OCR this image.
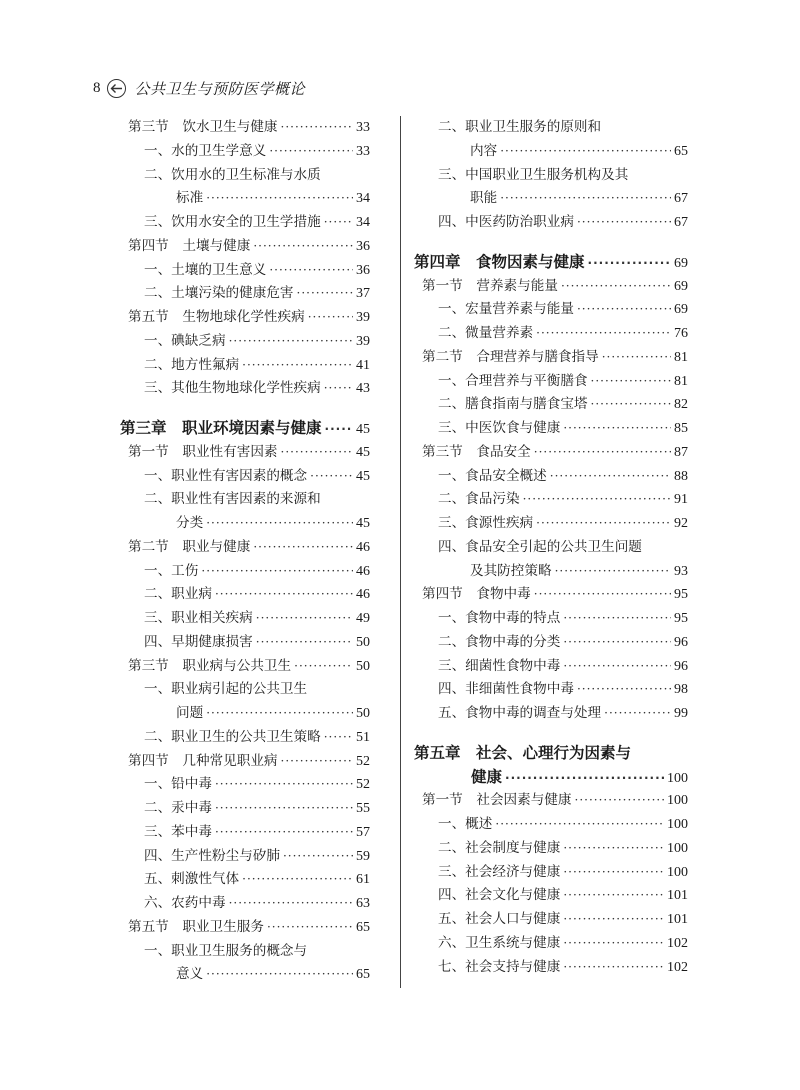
8 公共卫生与预防医学概论
第三节　饮水卫生与健康 ·····	33
一、水的卫生学意义 ·····	33
二、饮用水的卫生标准与水质
标准 ·····	34
三、饮用水安全的卫生学措施 ·····	34
第四节　土壤与健康 ·····	36
一、土壤的卫生意义 ·····	36
二、土壤污染的健康危害 ·····	37
第五节　生物地球化学性疾病 ·····	39
一、碘缺乏病 ·····	39
二、地方性氟病 ·····	41
三、其他生物地球化学性疾病 ·····	43
第三章　职业环境因素与健康 ····· 45
第一节　职业性有害因素 ·····	45
一、职业性有害因素的概念 ·····	45
二、职业性有害因素的来源和
分类 ·····	45
第二节　职业与健康 ·····	46
一、工伤 ·····	46
二、职业病 ·····	46
三、职业相关疾病 ·····	49
四、早期健康损害 ·····	50
第三节　职业病与公共卫生 ·····	50
一、职业病引起的公共卫生
问题 ·····	50
二、职业卫生的公共卫生策略 ·····	51
第四节　几种常见职业病 ·····	52
一、铅中毒 ·····	52
二、汞中毒 ·····	55
三、苯中毒 ·····	57
四、生产性粉尘与矽肺 ·····	59
五、刺激性气体 ·····	61
六、农药中毒 ·····	63
第五节　职业卫生服务 ·····	65
一、职业卫生服务的概念与
意义 ·····	65
二、职业卫生服务的原则和
内容 ·····	65
三、中国职业卫生服务机构及其
职能 ·····	67
四、中医药防治职业病 ·····	67
第四章　食物因素与健康 ·····	69
第一节　营养素与能量 ·····	69
一、宏量营养素与能量 ·····	69
二、微量营养素 ·····	76
第二节　合理营养与膳食指导 ·····	81
一、合理营养与平衡膳食 ·····	81
二、膳食指南与膳食宝塔 ·····	82
三、中医饮食与健康 ·····	85
第三节　食品安全 ·····	87
一、食品安全概述 ·····	88
二、食品污染 ·····	91
三、食源性疾病 ·····	92
四、食品安全引起的公共卫生问题
及其防控策略 ·····	93
第四节　食物中毒 ·····	95
一、食物中毒的特点 ·····	95
二、食物中毒的分类 ·····	96
三、细菌性食物中毒 ·····	96
四、非细菌性食物中毒 ·····	98
五、食物中毒的调查与处理 ·····	99
第五章　社会、心理行为因素与
健康 ·····	100
第一节　社会因素与健康 ·····	100
一、概述 ·····	100
二、社会制度与健康 ·····	100
三、社会经济与健康 ·····	100
四、社会文化与健康 ·····	101
五、社会人口与健康 ·····	101
六、卫生系统与健康 ·····	102
七、社会支持与健康 ·····	102
